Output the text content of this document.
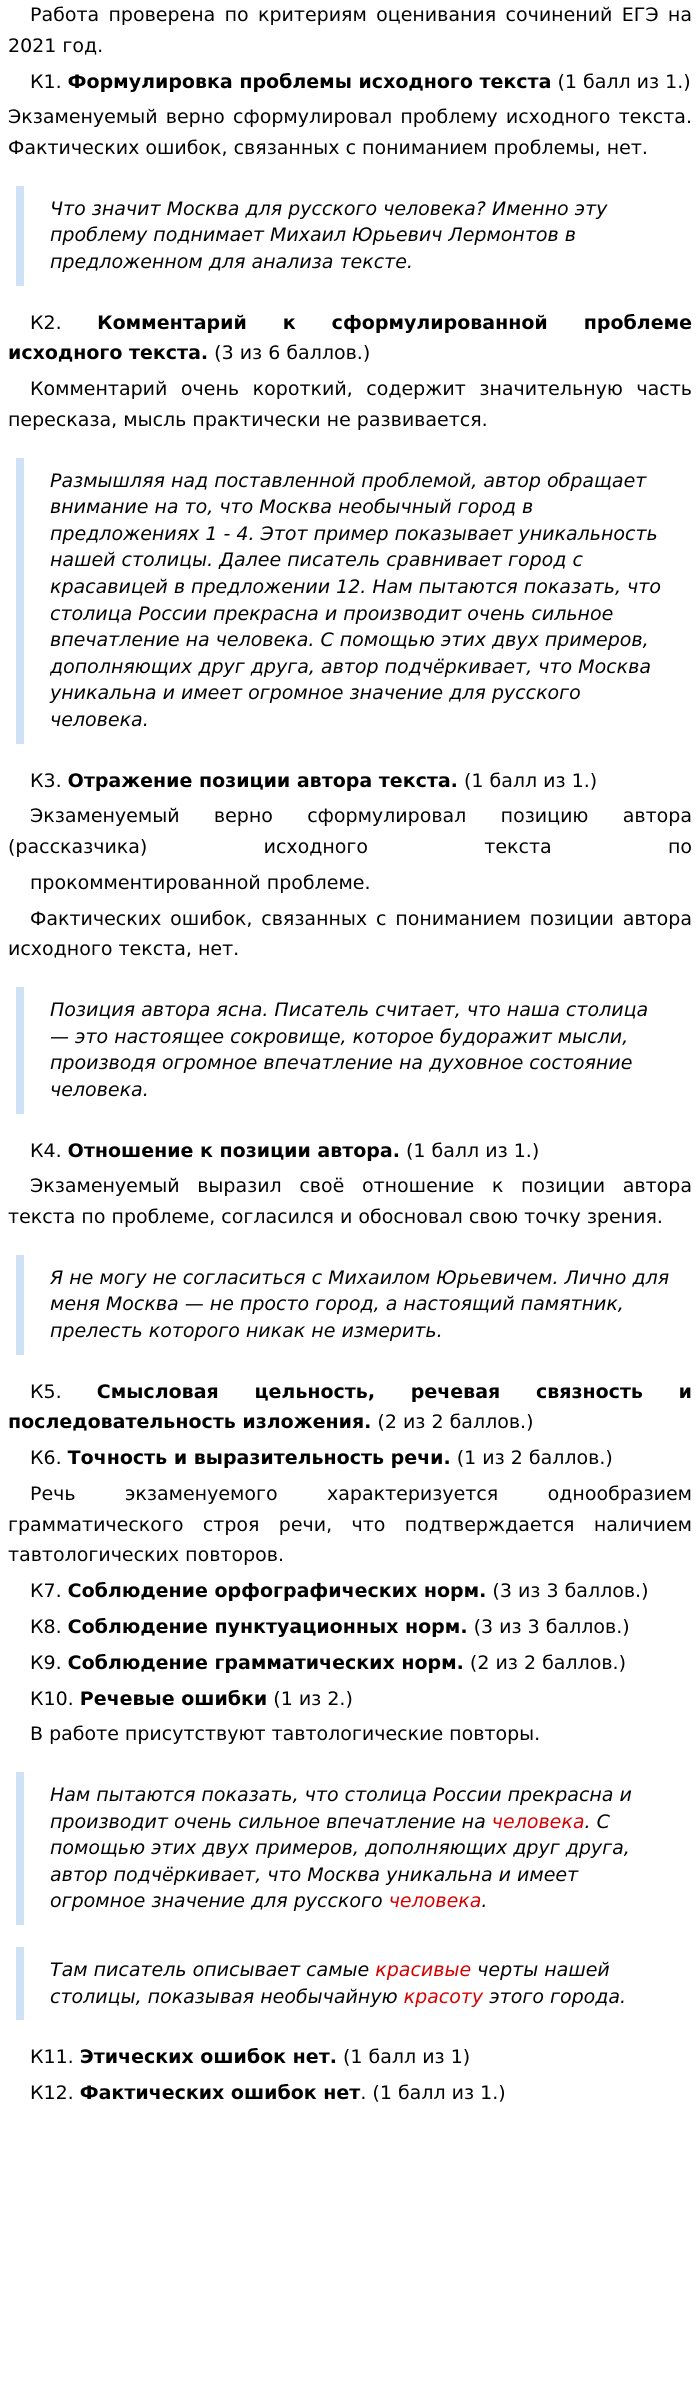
Работа проверена по критериям оценивания сочинений ЕГЭ на 2021 год.

К1. Формулировка проблемы исходного текста (1 балл из 1.)

Экзаменуемый верно сформулировал проблему исходного текста. Фактических ошибок, связанных с пониманием проблемы, нет.

Что значит Москва для русского человека? Именно эту проблему поднимает Михаил Юрьевич Лермонтов в предложенном для анализа тексте.

К2. Комментарий к сформулированной проблеме исходного текста. (3 из 6 баллов.)

Комментарий очень короткий, содержит значительную часть пересказа, мысль практически не развивается.

Размышляя над поставленной проблемой, автор обращает внимание на то, что Москва необычный город в предложениях 1 - 4. Этот пример показывает уникальность нашей столицы. Далее писатель сравнивает город с красавицей в предложении 12. Нам пытаются показать, что столица России прекрасна и производит очень сильное впечатление на человека. С помощью этих двух примеров, дополняющих друг друга, автор подчёркивает, что Москва уникальна и имеет огромное значение для русского человека.

К3. Отражение позиции автора текста. (1 балл из 1.)

Экзаменуемый верно сформулировал позицию автора (рассказчика) исходного текста по

прокомментированной проблеме.

Фактических ошибок, связанных с пониманием позиции автора исходного текста, нет.

Позиция автора ясна. Писатель считает, что наша столица — это настоящее сокровище, которое будоражит мысли, производя огромное впечатление на духовное состояние человека.

К4. Отношение к позиции автора. (1 балл из 1.)

Экзаменуемый выразил своё отношение к позиции автора текста по проблеме, согласился и обосновал свою точку зрения.

Я не могу не согласиться с Михаилом Юрьевичем. Лично для меня Москва — не просто город, а настоящий памятник, прелесть которого никак не измерить.

К5. Смысловая цельность, речевая связность и последовательность изложения. (2 из 2 баллов.)

К6. Точность и выразительность речи. (1 из 2 баллов.)

Речь экзаменуемого характеризуется однообразием грамматического строя речи, что подтверждается наличием тавтологических повторов.

К7. Соблюдение орфографических норм. (3 из 3 баллов.)

К8. Соблюдение пунктуационных норм. (3 из 3 баллов.)

К9. Соблюдение грамматических норм. (2 из 2 баллов.)

К10. Речевые ошибки (1 из 2.)

В работе присутствуют тавтологические повторы.

Нам пытаются показать, что столица России прекрасна и производит очень сильное впечатление на человека. С помощью этих двух примеров, дополняющих друг друга, автор подчёркивает, что Москва уникальна и имеет огромное значение для русского человека.
Там писатель описывает самые красивые черты нашей столицы, показывая необычайную красоту этого города.

К11. Этических ошибок нет. (1 балл из 1)

К12. Фактических ошибок нет. (1 балл из 1.)
